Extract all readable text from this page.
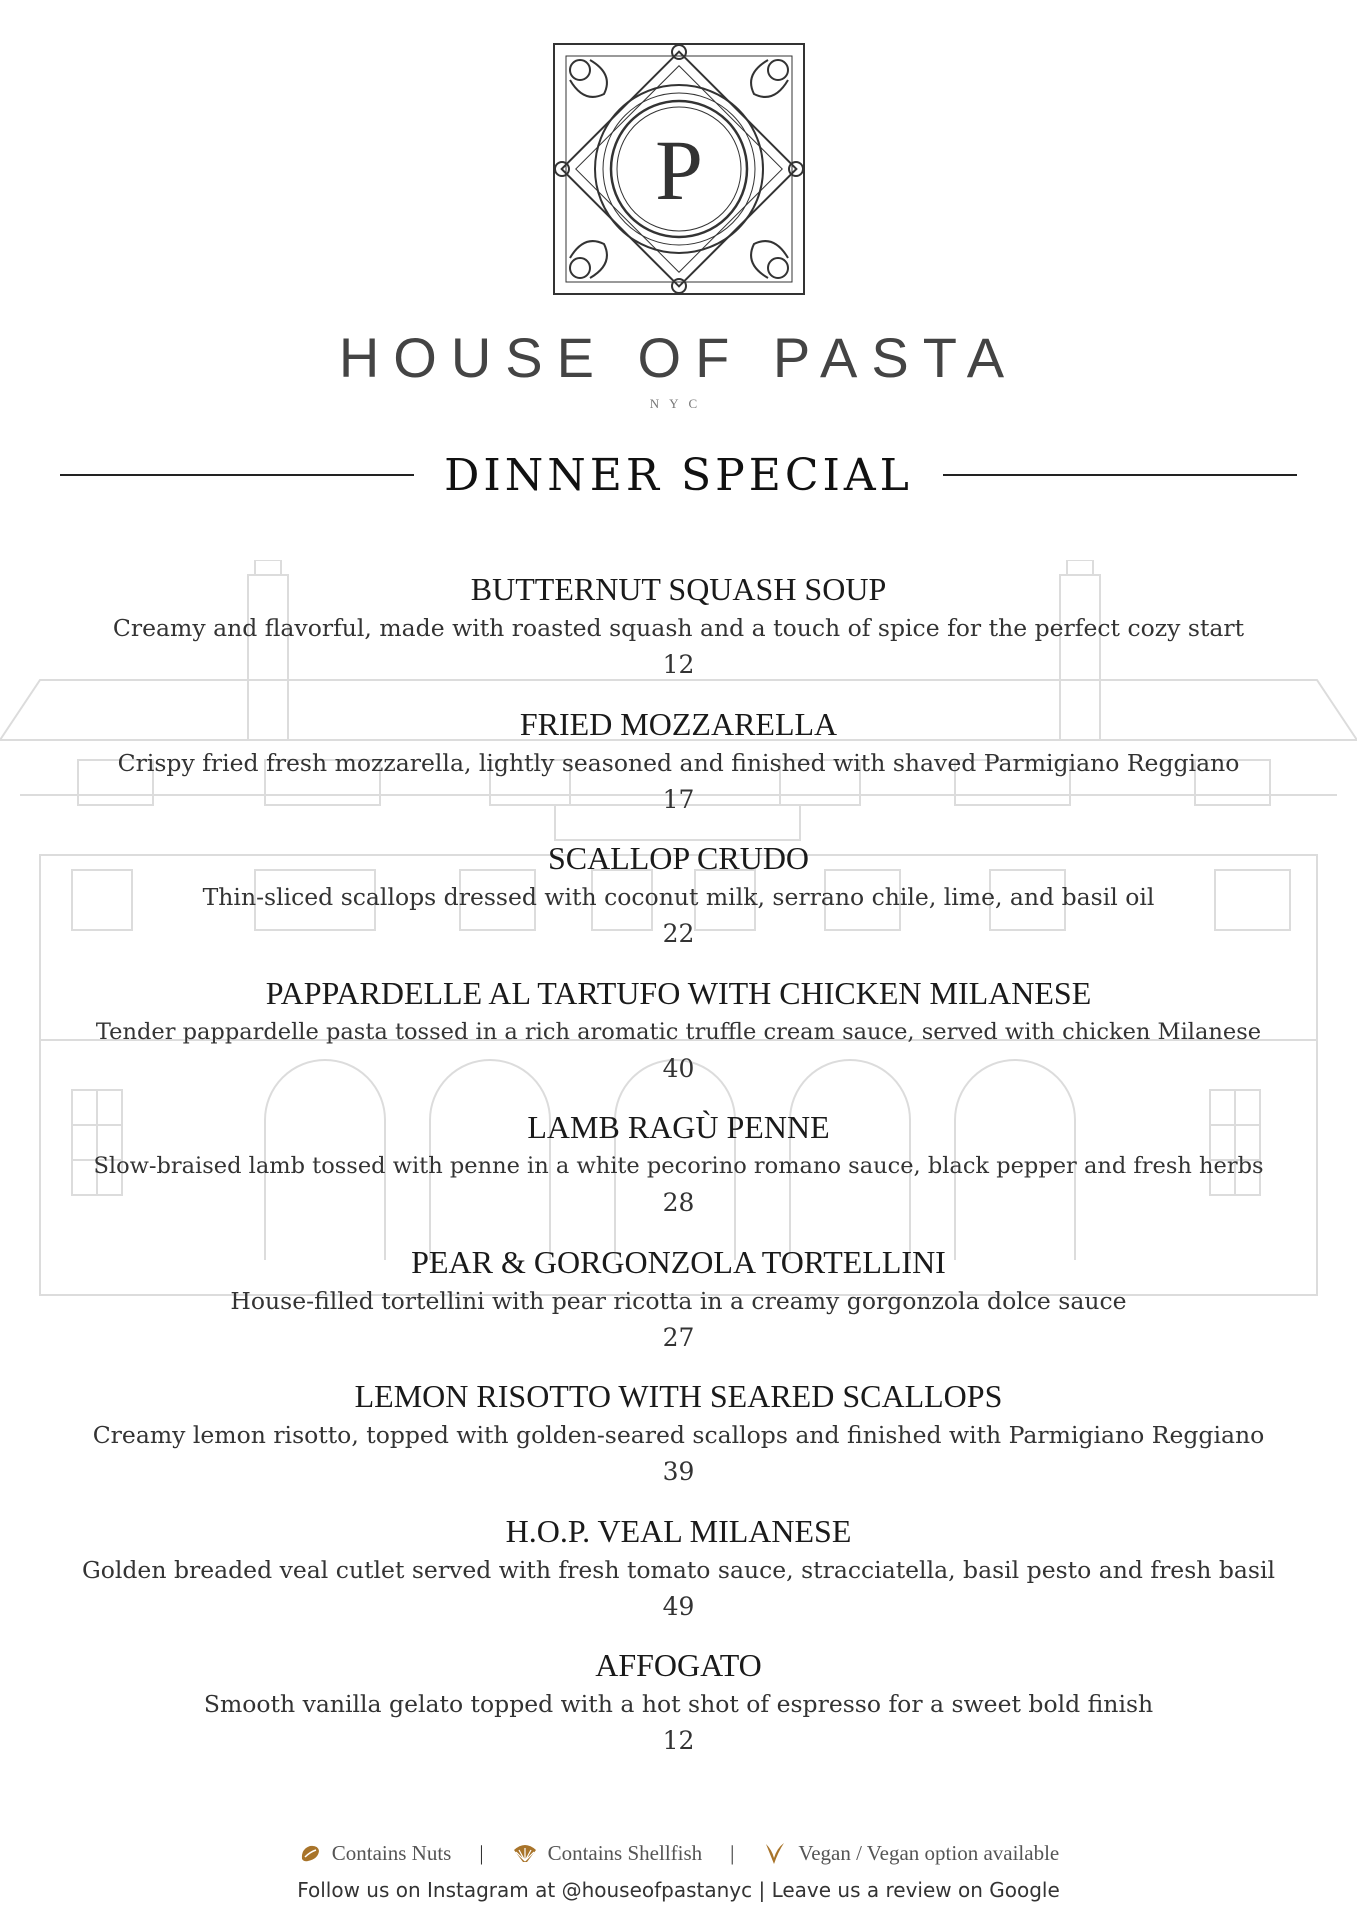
P
HOUSE OF PASTA
NYC
DINNER SPECIAL
BUTTERNUT SQUASH SOUP
Creamy and flavorful, made with roasted squash and a touch of spice for the perfect cozy start
12
FRIED MOZZARELLA
Crispy fried fresh mozzarella, lightly seasoned and finished with shaved Parmigiano Reggiano
17
SCALLOP CRUDO
Thin-sliced scallops dressed with coconut milk, serrano chile, lime, and basil oil
22
PAPPARDELLE AL TARTUFO WITH CHICKEN MILANESE
Tender pappardelle pasta tossed in a rich aromatic truffle cream sauce, served with chicken Milanese
40
LAMB RAGÙ PENNE
Slow-braised lamb tossed with penne in a white pecorino romano sauce, black pepper and fresh herbs
28
PEAR & GORGONZOLA TORTELLINI
House-filled tortellini with pear ricotta in a creamy gorgonzola dolce sauce
27
LEMON RISOTTO WITH SEARED SCALLOPS
Creamy lemon risotto, topped with golden-seared scallops and finished with Parmigiano Reggiano
39
H.O.P. VEAL MILANESE
Golden breaded veal cutlet served with fresh tomato sauce, stracciatella, basil pesto and fresh basil
49
AFFOGATO
Smooth vanilla gelato topped with a hot shot of espresso for a sweet bold finish
12
Contains Nuts |	Contains Shellfish |	Vegan / Vegan option available
Follow us on Instagram at @houseofpastanyc | Leave us a review on Google
